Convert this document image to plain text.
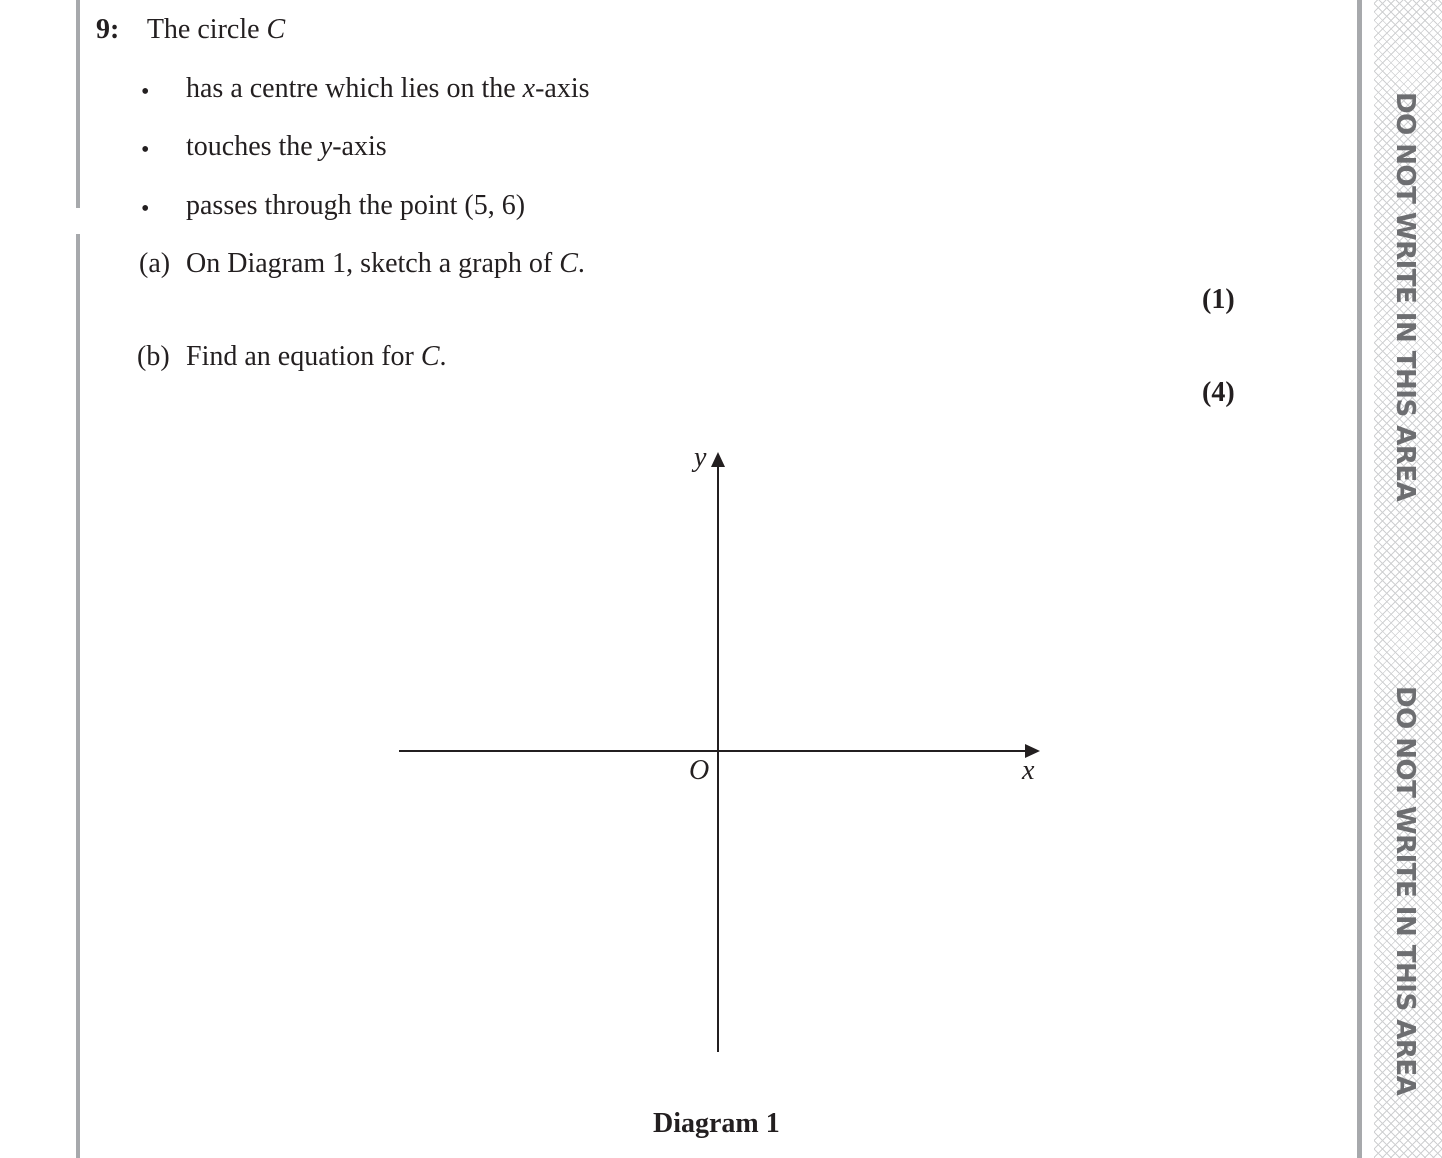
DO NOT WRITE IN THIS AREA
DO NOT WRITE IN THIS AREA
9: The circle C
• has a centre which lies on the x-axis
• touches the y-axis
• passes through the point (5, 6)
(a) On Diagram 1, sketch a graph of C.
(1)
(b) Find an equation for C.
(4)
y
x
O
Diagram 1
